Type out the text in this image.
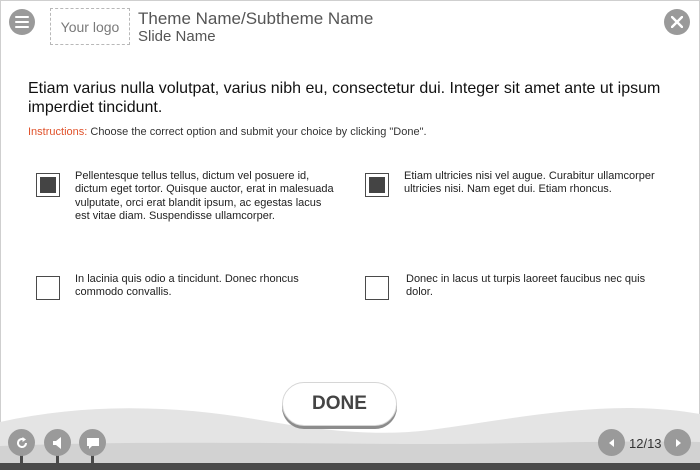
Your logo Theme Name/Subtheme Name
Slide Name
Etiam varius nulla volutpat, varius nibh eu, consectetur dui. Integer sit amet ante ut ipsum imperdiet tincidunt.
Instructions: Choose the correct option and submit your choice by clicking "Done".
Pellentesque tellus tellus, dictum vel posuere id, dictum eget tortor. Quisque auctor, erat in malesuada vulputate, orci erat blandit ipsum, ac egestas lacus est vitae diam. Suspendisse ullamcorper.
Etiam ultricies nisi vel augue. Curabitur ullamcorper ultricies nisi. Nam eget dui. Etiam rhoncus.
In lacinia quis odio a tincidunt. Donec rhoncus commodo convallis.
Donec in lacus ut turpis laoreet faucibus nec quis dolor.
DONE
12/13
